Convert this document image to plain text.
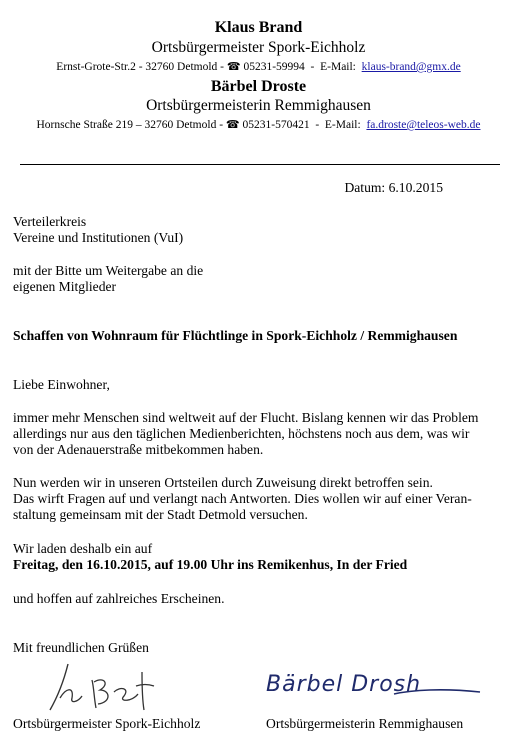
Klaus Brand
Ortsbürgermeister Spork-Eichholz
Ernst-Grote-Str.2 - 32760 Detmold - ☎ 05231-59994  -  E-Mail:  klaus-brand@gmx.de
Bärbel Droste
Ortsbürgermeisterin Remmighausen
Hornsche Straße 219 – 32760 Detmold - ☎ 05231-570421  -  E-Mail:  fa.droste@teleos-web.de
Datum: 6.10.2015
Verteilerkreis
Vereine und Institutionen (VuI)
mit der Bitte um Weitergabe an die
eigenen Mitglieder
Schaffen von Wohnraum für Flüchtlinge in Spork-Eichholz / Remmighausen
Liebe Einwohner,
immer mehr Menschen sind weltweit auf der Flucht. Bislang kennen wir das Problem
allerdings nur aus den täglichen Medienberichten, höchstens noch aus dem, was wir
von der Adenauerstraße mitbekommen haben.
Nun werden wir in unseren Ortsteilen durch Zuweisung direkt betroffen sein.
Das wirft Fragen auf und verlangt nach Antworten. Dies wollen wir auf einer Veran-
staltung gemeinsam mit der Stadt Detmold versuchen.
Wir laden deshalb ein auf
Freitag, den 16.10.2015, auf 19.00 Uhr ins Remikenhus, In der Fried
und hoffen auf zahlreiches Erscheinen.
Mit freundlichen Grüßen
Bärbel Drosh
Ortsbürgermeister Spork-Eichholz	Ortsbürgermeisterin Remmighausen
